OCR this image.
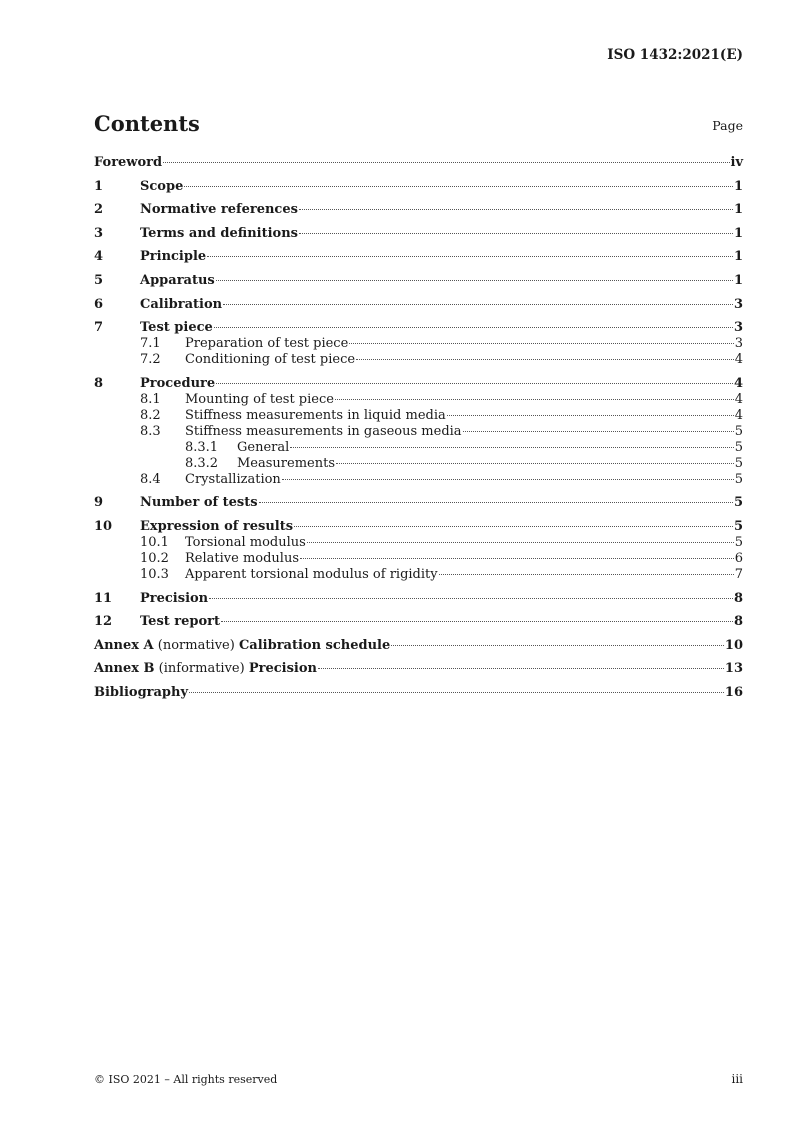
ISO 1432:2021(E)
Contents	Page
Foreword	iv
1	Scope	1
2	Normative references	1
3	Terms and definitions	1
4	Principle	1
5	Apparatus	1
6	Calibration	3
7	Test piece	3
7.1	Preparation of test piece	3
7.2	Conditioning of test piece	4
8	Procedure	4
8.1	Mounting of test piece	4
8.2	Stiffness measurements in liquid media	4
8.3	Stiffness measurements in gaseous media	5
8.3.1	General	5
8.3.2	Measurements	5
8.4	Crystallization	5
9	Number of tests	5
10	Expression of results	5
10.1	Torsional modulus	5
10.2	Relative modulus	6
10.3	Apparent torsional modulus of rigidity	7
11	Precision	8
12	Test report	8
Annex A (normative) Calibration schedule	10
Annex B (informative) Precision	13
Bibliography	16
© ISO 2021 – All rights reserved	iii
